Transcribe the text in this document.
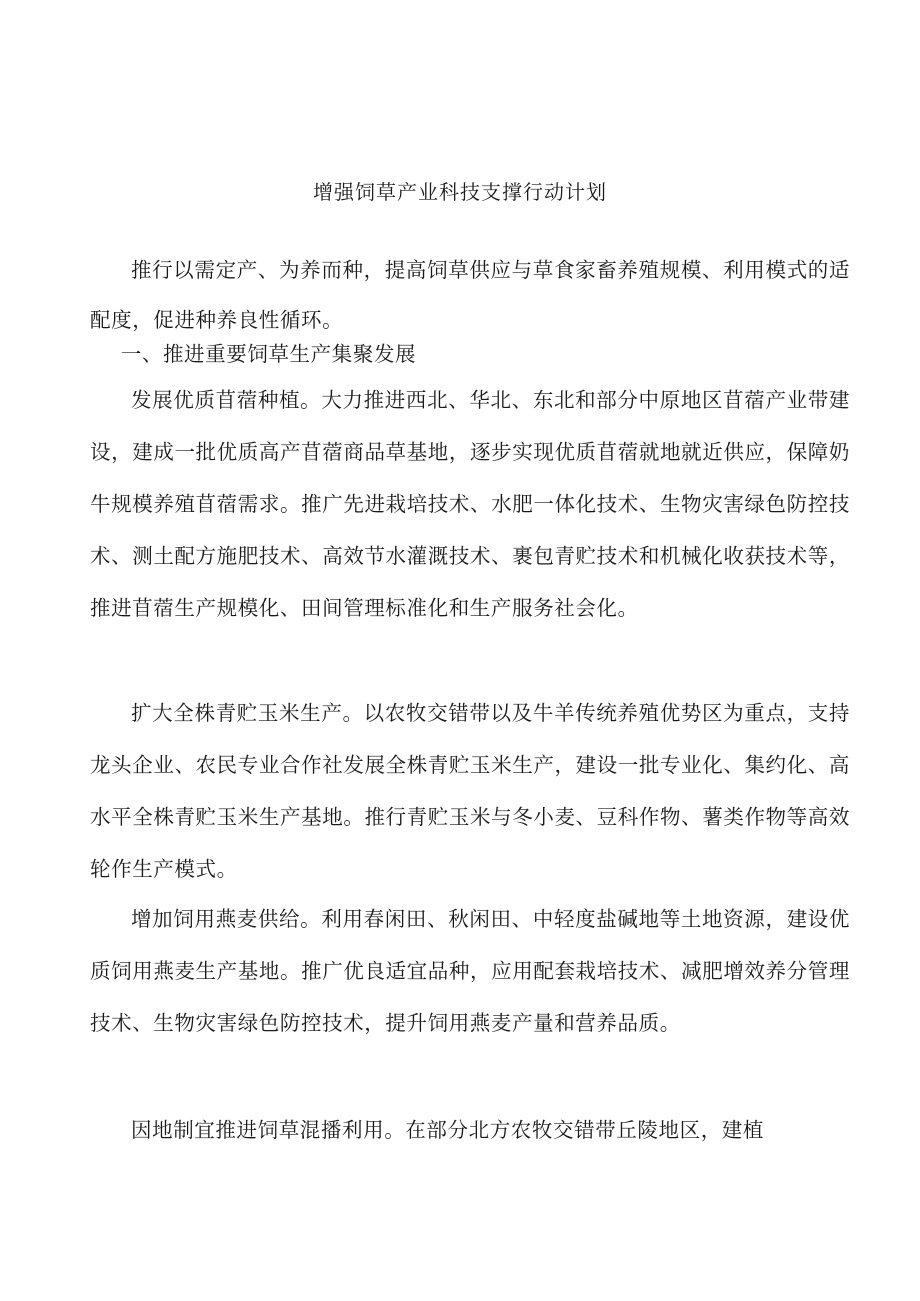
增强饲草产业科技支撑行动计划

推行以需定产、为养而种，提高饲草供应与草食家畜养殖规模、利用模式的适配度，促进种养良性循环。

一、推进重要饲草生产集聚发展

发展优质苜蓿种植。大力推进西北、华北、东北和部分中原地区苜蓿产业带建设，建成一批优质高产苜蓿商品草基地，逐步实现优质苜蓿就地就近供应，保障奶牛规模养殖苜蓿需求。推广先进栽培技术、水肥一体化技术、生物灾害绿色防控技术、测土配方施肥技术、高效节水灌溉技术、裹包青贮技术和机械化收获技术等，推进苜蓿生产规模化、田间管理标准化和生产服务社会化。

扩大全株青贮玉米生产。以农牧交错带以及牛羊传统养殖优势区为重点，支持龙头企业、农民专业合作社发展全株青贮玉米生产，建设一批专业化、集约化、高水平全株青贮玉米生产基地。推行青贮玉米与冬小麦、豆科作物、薯类作物等高效轮作生产模式。

增加饲用燕麦供给。利用春闲田、秋闲田、中轻度盐碱地等土地资源，建设优质饲用燕麦生产基地。推广优良适宜品种，应用配套栽培技术、减肥增效养分管理技术、生物灾害绿色防控技术，提升饲用燕麦产量和营养品质。

因地制宜推进饲草混播利用。在部分北方农牧交错带丘陵地区，建植
